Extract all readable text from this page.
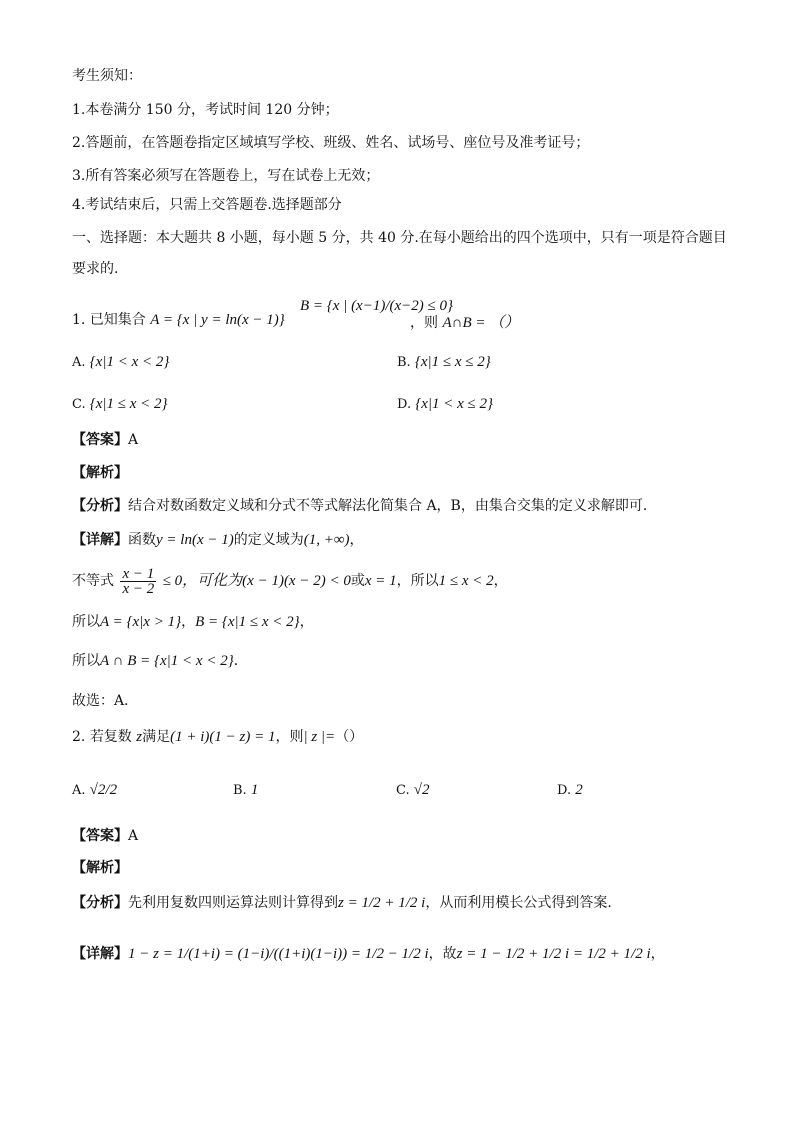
考生须知：
1.本卷满分 150 分，考试时间 120 分钟；
2.答题前，在答题卷指定区域填写学校、班级、姓名、试场号、座位号及准考证号；
3.所有答案必须写在答题卷上，写在试卷上无效；
4.考试结束后，只需上交答题卷.选择题部分
一、选择题：本大题共 8 小题，每小题 5 分，共 40 分.在每小题给出的四个选项中，只有一项是符合题目
要求的.
1. 已知集合 A = {x | y = ln(x − 1)}
B = {x | (x−1)/(x−2) ≤ 0}
，则 A∩B = （）
A. {x|1 < x < 2}	B. {x|1 ≤ x ≤ 2}
C. {x|1 ≤ x < 2}	D. {x|1 < x ≤ 2}
【答案】A
【解析】
【分析】结合对数函数定义域和分式不等式解法化简集合 A，B，由集合交集的定义求解即可．
【详解】函数y = ln(x − 1)的定义域为(1, +∞)，
不等式 $\frac{x - 1}{x - 2} \le 0$，可化为(x − 1)(x − 2) < 0或x = 1，所以1 ≤ x < 2，
所以A = {x|x > 1}，B = {x|1 ≤ x < 2}，
所以A ∩ B = {x|1 < x < 2}．
故选：A．
2. 若复数 z满足(1 + i)(1 − z) = 1，则| z |=（）
A. √2/2	B. 1	C. √2	D. 2
【答案】A
【解析】
【分析】先利用复数四则运算法则计算得到z = 1/2 + 1/2 i，从而利用模长公式得到答案.
【详解】1 − z = 1/(1+i) = (1−i)/((1+i)(1−i)) = 1/2 − 1/2 i，故z = 1 − 1/2 + 1/2 i = 1/2 + 1/2 i，
